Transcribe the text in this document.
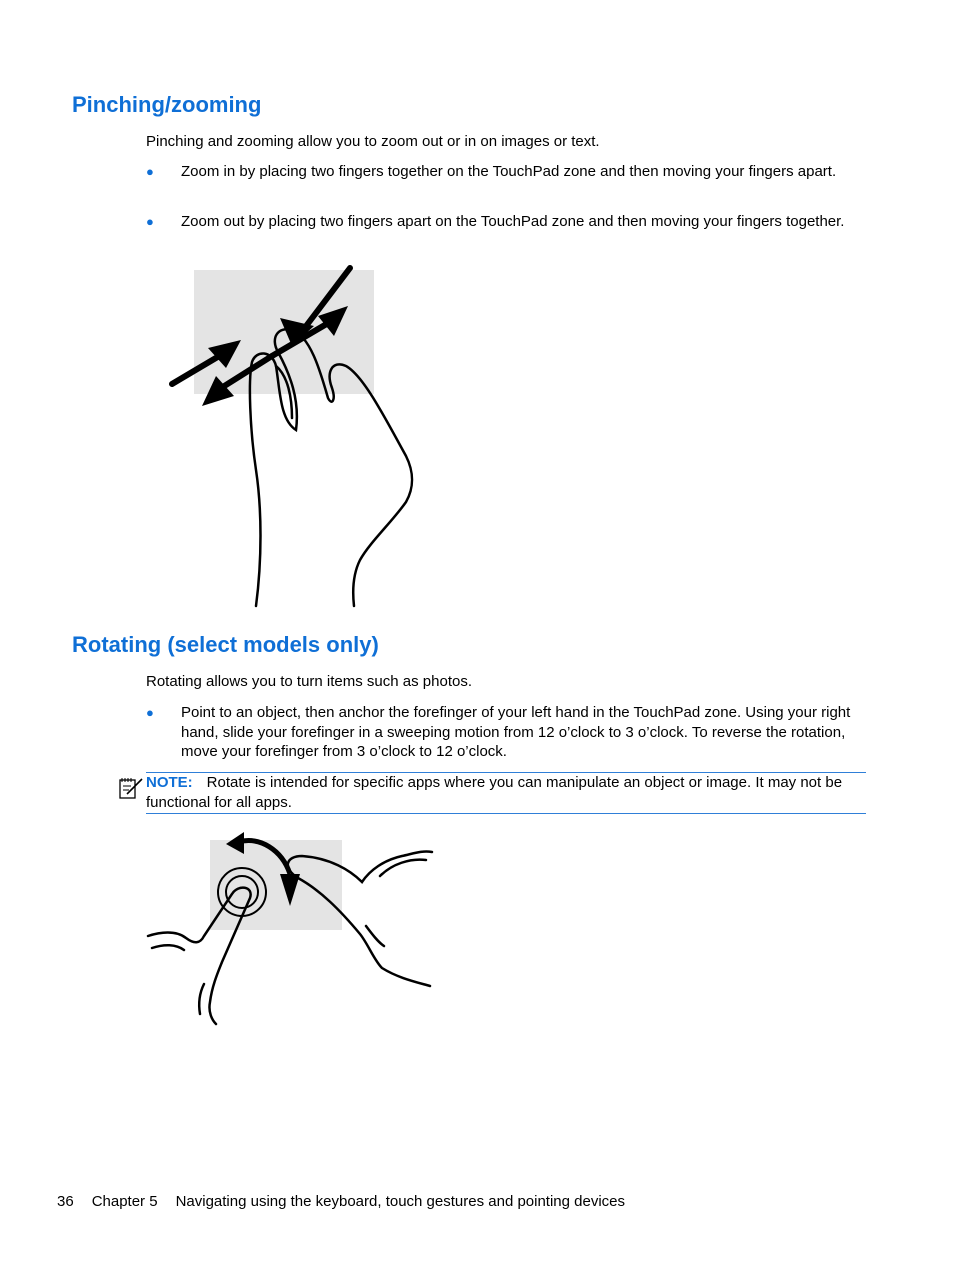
Pinching/zooming

Pinching and zooming allow you to zoom out or in on images or text.

● Zoom in by placing two fingers together on the TouchPad zone and then moving your fingers apart.
● Zoom out by placing two fingers apart on the TouchPad zone and then moving your fingers together.
Rotating (select models only)

Rotating allows you to turn items such as photos.

● Point to an object, then anchor the forefinger of your left hand in the TouchPad zone. Using your right hand, slide your forefinger in a sweeping motion from 12 o’clock to 3 o’clock. To reverse the rotation, move your forefinger from 3 o’clock to 12 o’clock.
NOTE: Rotate is intended for specific apps where you can manipulate an object or image. It may not be functional for all apps.
36 Chapter 5 Navigating using the keyboard, touch gestures and pointing devices
